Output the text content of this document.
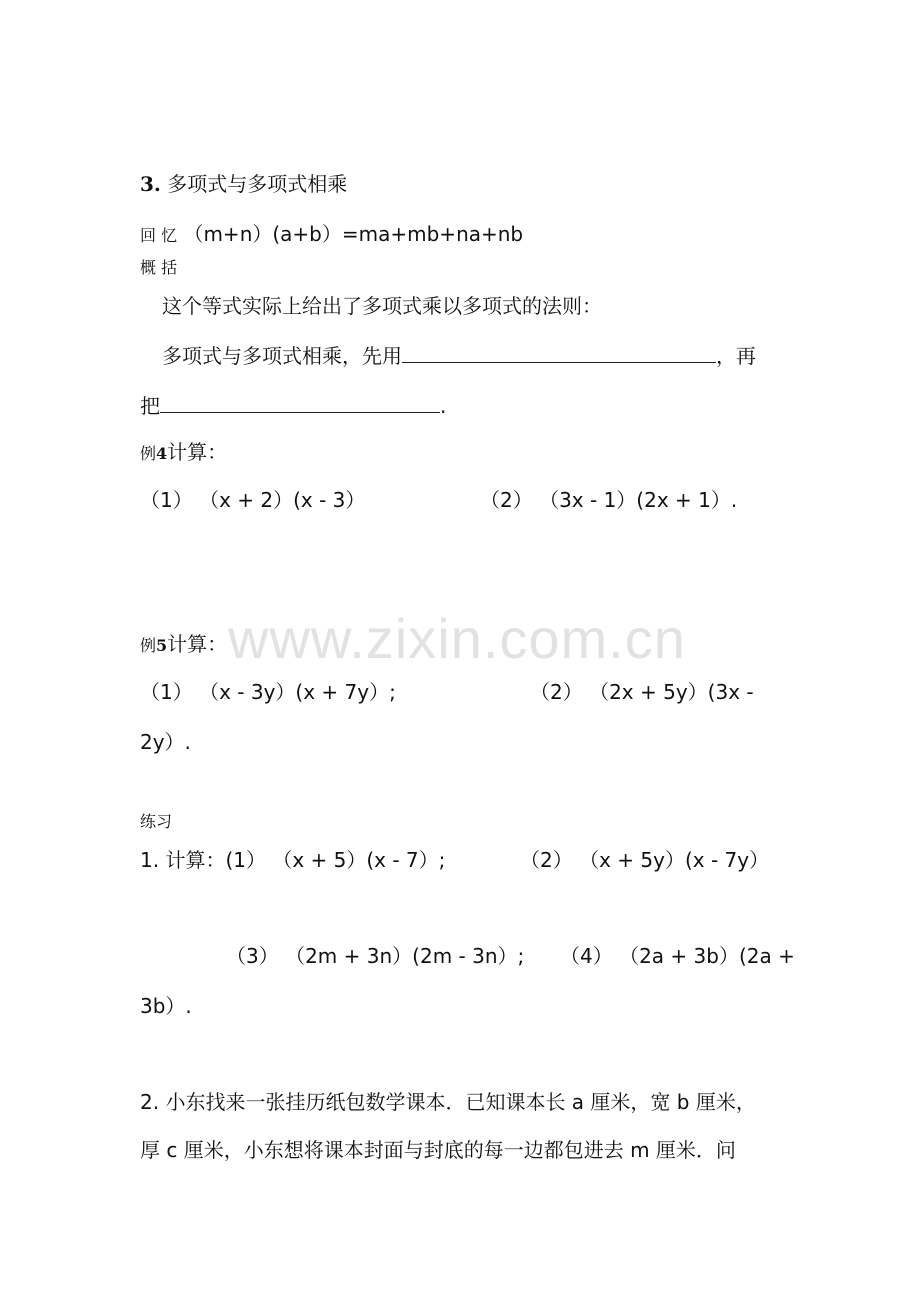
www.zixin.com.cn
3. 多项式与多项式相乘
回 忆 （m+n）(a+b）=ma+mb+na+nb
概 括
这个等式实际上给出了多项式乘以多项式的法则：
多项式与多项式相乘，先用	，再
把	.
例4计算：
（1） （x + 2）(x - 3）	（2） （3x - 1）(2x + 1）.
例5计算：
（1） （x - 3y）(x + 7y）;	（2） （2x + 5y）(3x -
2y）.
练习
1. 计算：(1） （x + 5）(x - 7）;	（2） （x + 5y）(x - 7y）
（3） （2m + 3n）(2m - 3n）; （4） （2a + 3b）(2a +
3b）.
2. 小东找来一张挂历纸包数学课本．已知课本长 a 厘米，宽 b 厘米，
厚 c 厘米，小东想将课本封面与封底的每一边都包进去 m 厘米．问
